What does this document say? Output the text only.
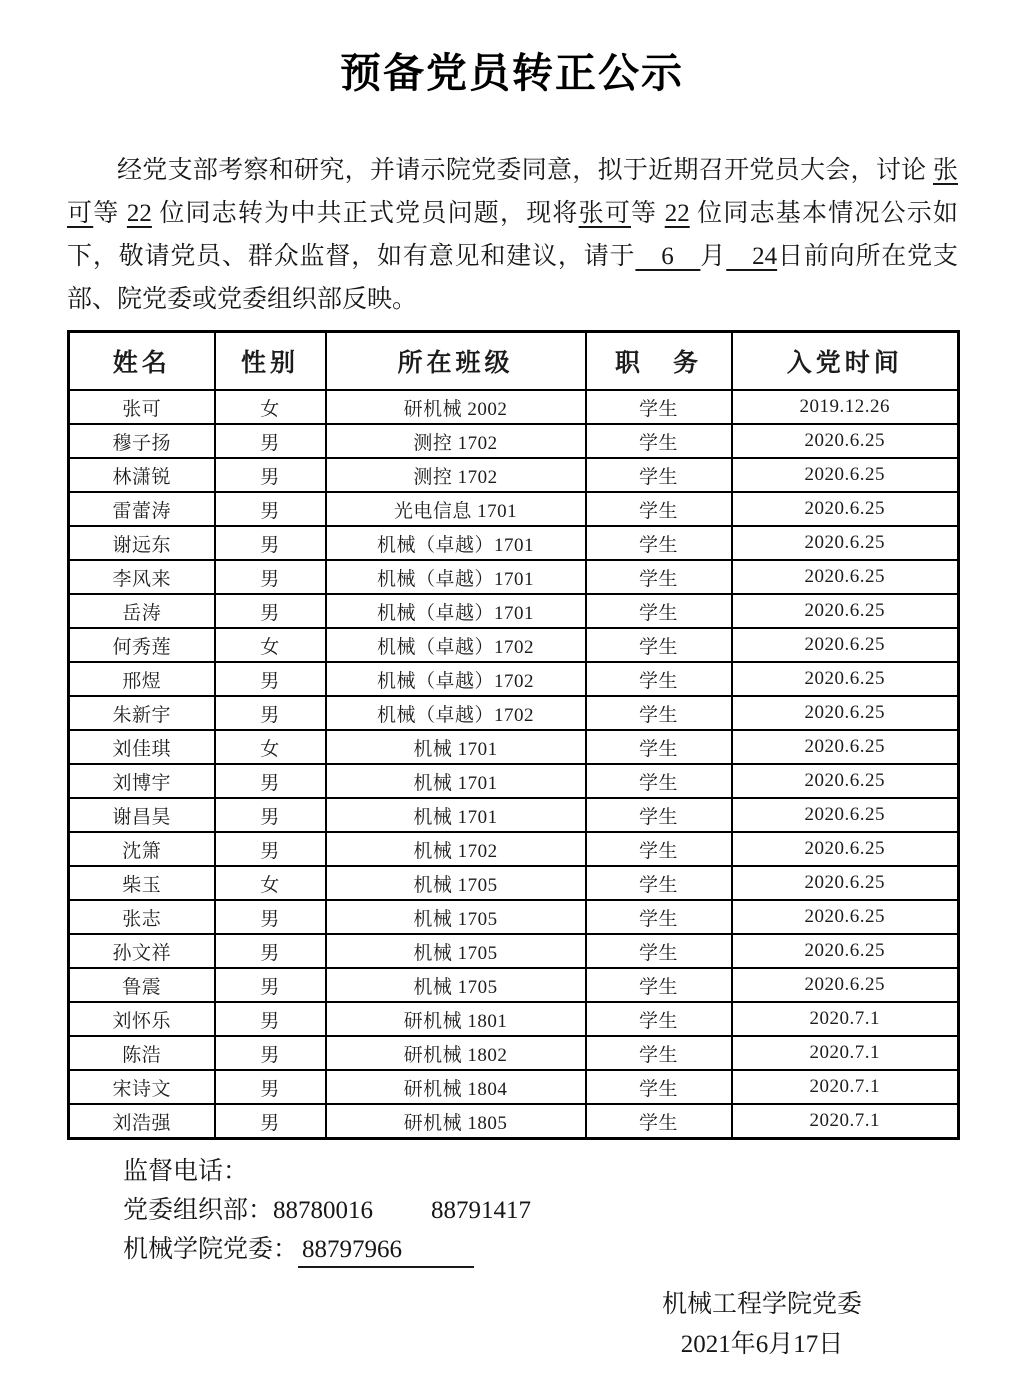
预备党员转正公示

经党支部考察和研究，并请示院党委同意，拟于近期召开党员大会，讨论 张可等 22 位同志转为中共正式党员问题，现将张可等 22 位同志基本情况公示如下，敬请党员、群众监督，如有意见和建议，请于　6　月　24日前向所在党支部、院党委或党委组织部反映。

姓名	性别	所在班级	职　务	入党时间
张可	女	研机械 2002	学生	2019.12.26
穆子扬	男	测控 1702	学生	2020.6.25
林潇锐	男	测控 1702	学生	2020.6.25
雷蕾涛	男	光电信息 1701	学生	2020.6.25
谢远东	男	机械（卓越）1701	学生	2020.6.25
李风来	男	机械（卓越）1701	学生	2020.6.25
岳涛	男	机械（卓越）1701	学生	2020.6.25
何秀莲	女	机械（卓越）1702	学生	2020.6.25
邢煜	男	机械（卓越）1702	学生	2020.6.25
朱新宇	男	机械（卓越）1702	学生	2020.6.25
刘佳琪	女	机械 1701	学生	2020.6.25
刘博宇	男	机械 1701	学生	2020.6.25
谢昌昊	男	机械 1701	学生	2020.6.25
沈箫	男	机械 1702	学生	2020.6.25
柴玉	女	机械 1705	学生	2020.6.25
张志	男	机械 1705	学生	2020.6.25
孙文祥	男	机械 1705	学生	2020.6.25
鲁震	男	机械 1705	学生	2020.6.25
刘怀乐	男	研机械 1801	学生	2020.7.1
陈浩	男	研机械 1802	学生	2020.7.1
宋诗文	男	研机械 1804	学生	2020.7.1
刘浩强	男	研机械 1805	学生	2020.7.1
监督电话：
党委组织部：88780016 88791417
机械学院党委： 88797966
机械工程学院党委
2021年6月17日
